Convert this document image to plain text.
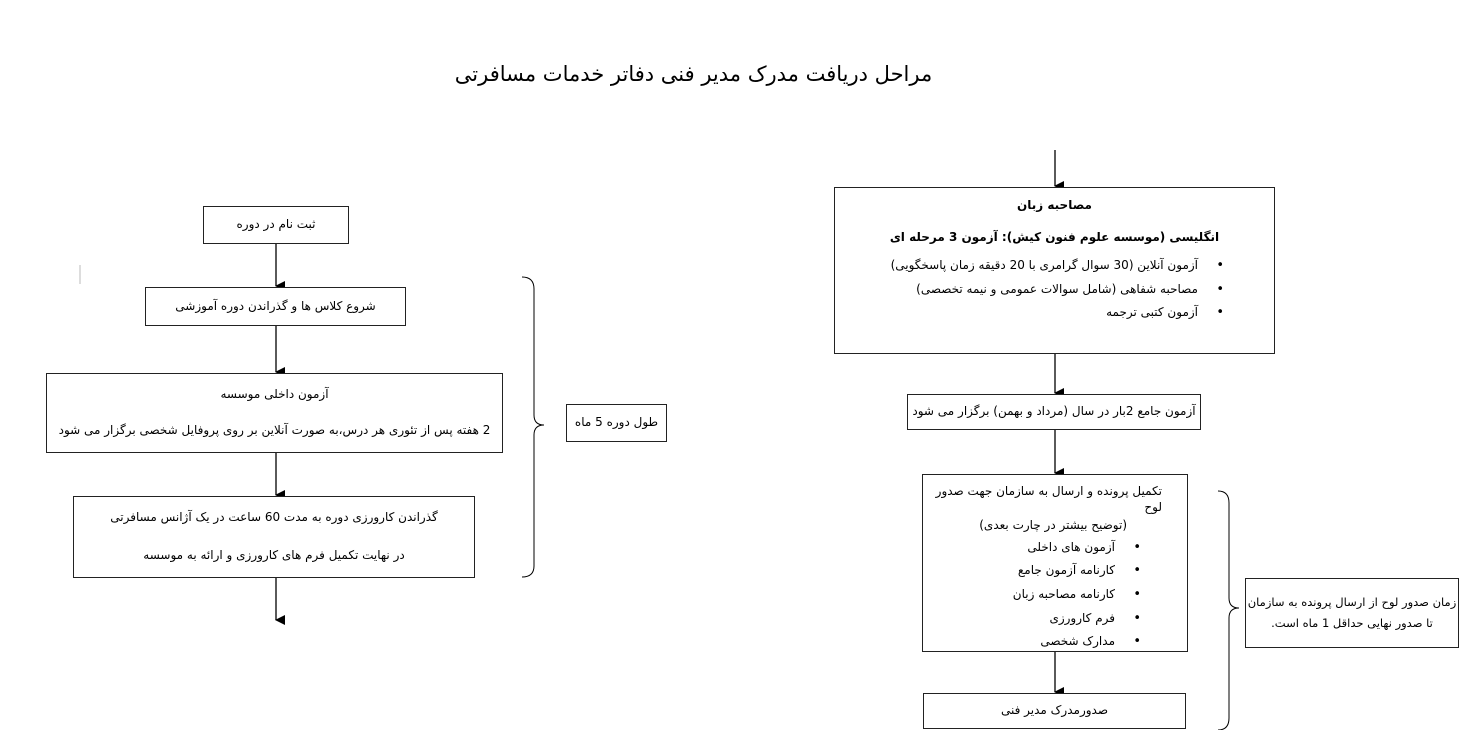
مراحل دریافت مدرک مدیر فنی دفاتر خدمات مسافرتی
ثبت نام در دوره
شروع کلاس ها و گذراندن دوره آموزشی

آزمون داخلی موسسه

2 هفته پس از تئوری هر درس،به صورت آنلاین بر روی پروفایل شخصی برگزار می شود

گذراندن کارورزی دوره به مدت 60 ساعت در یک آژانس مسافرتی

در نهایت تکمیل فرم های کارورزی و ارائه به موسسه

طول دوره 5 ماه

مصاحبه زبان

انگلیسی (موسسه علوم فنون کیش): آزمون 3 مرحله ای

• آزمون آنلاین (30 سوال گرامری با 20 دقیقه زمان پاسخگویی)
• مصاحبه شفاهی (شامل سوالات عمومی و نیمه تخصصی)
• آزمون کتبی ترجمه
آزمون جامع 2بار در سال (مرداد و بهمن) برگزار می شود

تکمیل پرونده و ارسال به سازمان جهت صدور لوح

(توضیح بیشتر در چارت بعدی)

• آزمون های داخلی
• کارنامه آزمون جامع
• کارنامه مصاحبه زبان
• فرم کارورزی
• مدارک شخصی
صدورمدرک مدیر فنی

زمان صدور لوح از ارسال پرونده به سازمان

تا صدور نهایی حداقل 1 ماه است.
